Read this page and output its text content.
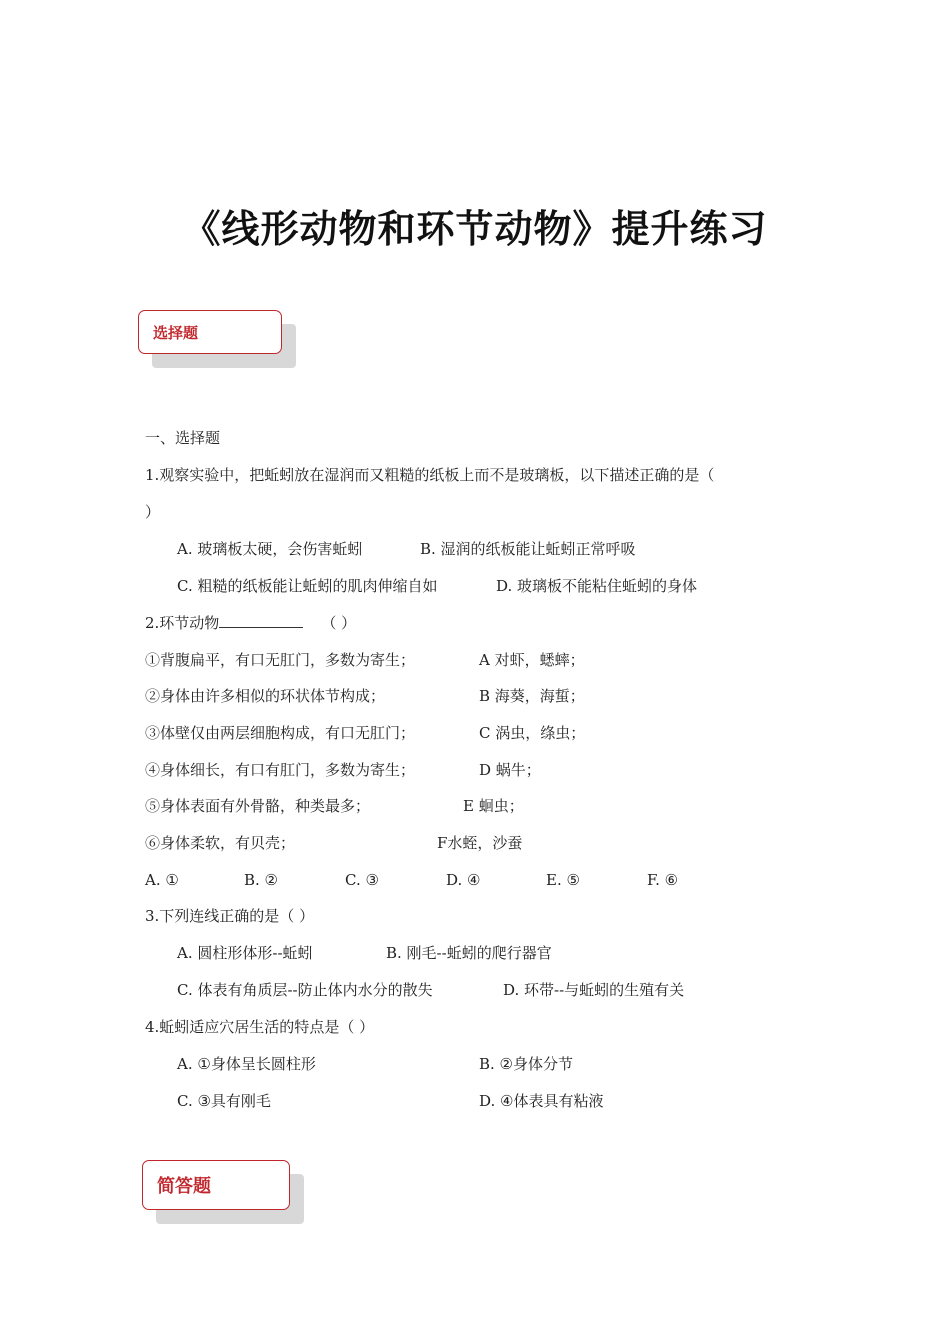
《线形动物和环节动物》提升练习
选择题
一、选择题
1.观察实验中，把蚯蚓放在湿润而又粗糙的纸板上而不是玻璃板，以下描述正确的是（
）
A. 玻璃板太硬，会伤害蚯蚓	B. 湿润的纸板能让蚯蚓正常呼吸
C. 粗糙的纸板能让蚯蚓的肌肉伸缩自如	D. 玻璃板不能粘住蚯蚓的身体
2.环节动物	（ ）
①背腹扁平，有口无肛门，多数为寄生；	A 对虾，蟋蟀；
②身体由许多相似的环状体节构成；	B 海葵，海蜇；
③体壁仅由两层细胞构成，有口无肛门；	C 涡虫，绦虫；
④身体细长，有口有肛门，多数为寄生；	D 蜗牛；
⑤身体表面有外骨骼，种类最多；	E 蛔虫；
⑥身体柔软，有贝壳；	F水蛭，沙蚕
A. ①	B. ②	C. ③	D. ④	E. ⑤	F. ⑥
3.下列连线正确的是（ ）
A. 圆柱形体形--蚯蚓	B. 刚毛--蚯蚓的爬行器官
C. 体表有角质层--防止体内水分的散失	D. 环带--与蚯蚓的生殖有关
4.蚯蚓适应穴居生活的特点是（ ）
A. ①身体呈长圆柱形	B. ②身体分节
C. ③具有刚毛	D. ④体表具有粘液
简答题
